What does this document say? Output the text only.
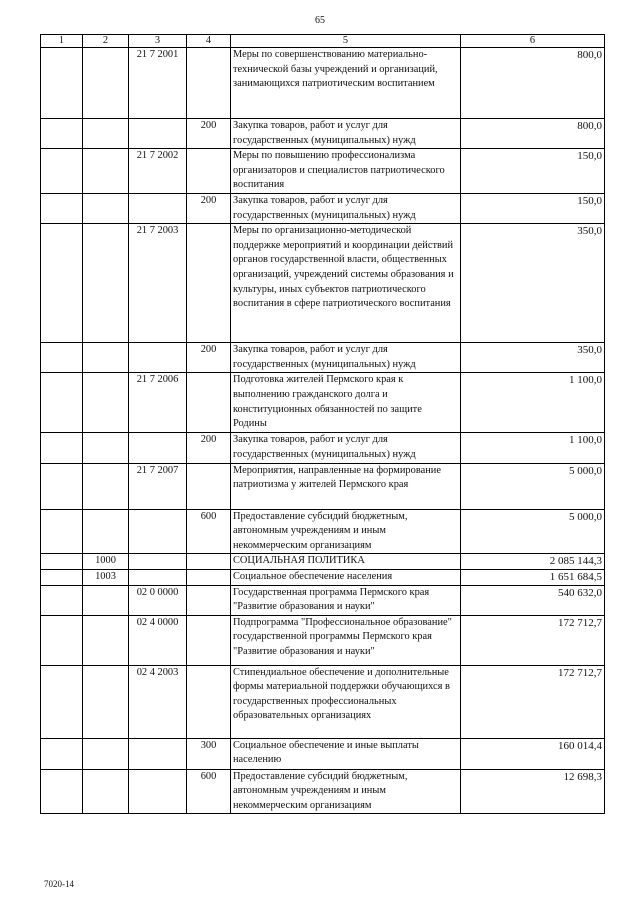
65
1	2	3	4	5	6
		21 7 2001		Меры по совершенствованию материально-технической базы учреждений и организаций, занимающихся патриотическим воспитанием	800,0
			200	Закупка товаров, работ и услуг для государственных (муниципальных) нужд	800,0
		21 7 2002		Меры по повышению профессионализма организаторов и специалистов патриотического воспитания	150,0
			200	Закупка товаров, работ и услуг для государственных (муниципальных) нужд	150,0
		21 7 2003		Меры по организационно-методической поддержке мероприятий и координации действий органов государственной власти, общественных организаций, учреждений системы образования и культуры, иных субъектов патриотического воспитания в сфере патриотического воспитания	350,0
			200	Закупка товаров, работ и услуг для государственных (муниципальных) нужд	350,0
		21 7 2006		Подготовка жителей Пермского края к выполнению гражданского долга и конституционных обязанностей по защите Родины	1 100,0
			200	Закупка товаров, работ и услуг для государственных (муниципальных) нужд	1 100,0
		21 7 2007		Мероприятия, направленные на формирование патриотизма у жителей Пермского края	5 000,0
			600	Предоставление субсидий бюджетным, автономным учреждениям и иным некоммерческим организациям	5 000,0
	1000			СОЦИАЛЬНАЯ ПОЛИТИКА	2 085 144,3
	1003			Социальное обеспечение населения	1 651 684,5
		02 0 0000		Государственная программа Пермского края "Развитие образования и науки"	540 632,0
		02 4 0000		Подпрограмма "Профессиональное образование" государственной программы Пермского края "Развитие образования и науки"	172 712,7
		02 4 2003		Стипендиальное обеспечение и дополнительные формы материальной поддержки обучающихся в государственных профессиональных образовательных организациях	172 712,7
			300	Социальное обеспечение и иные выплаты населению	160 014,4
			600	Предоставление субсидий бюджетным, автономным учреждениям и иным некоммерческим организациям	12 698,3
7020-14
